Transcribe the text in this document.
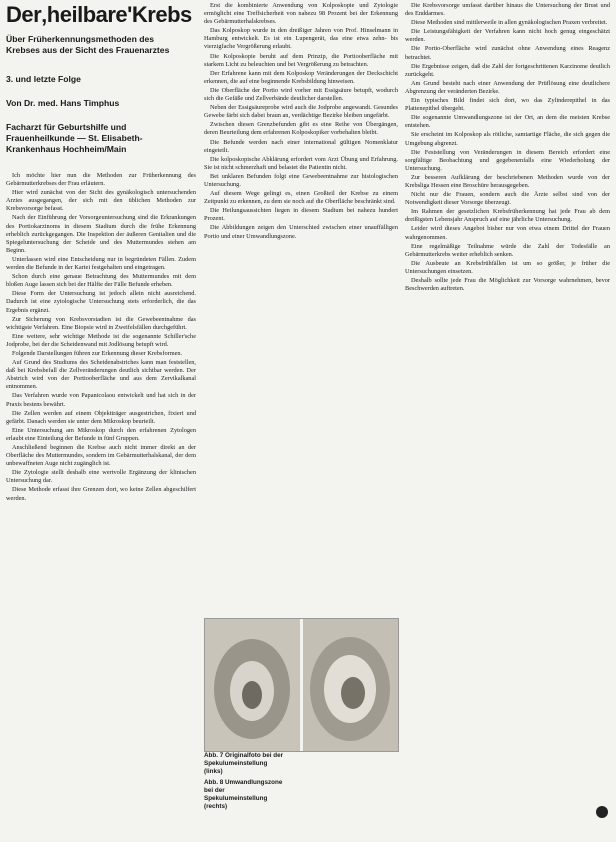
Der‚heilbare'Krebs

Über Früherkennungsmethoden des Krebses aus der Sicht des Frauenarztes

3. und letzte Folge

Von Dr. med. Hans Timphus

Facharzt für Geburtshilfe und Frauenheilkunde — St. Elisabeth-Krankenhaus Hochheim/Main

Ich möchte hier nun die Methoden zur Früherkennung des Gebärmutterkrebses der Frau erläutern.

Hier wird zunächst von der Sicht des gynäkologisch untersuchenden Arztes ausgegangen, der sich mit den üblichen Methoden zur Krebsvorsorge befasst.

Nach der Einführung der Vorsorgeuntersuchung sind die Erkrankungen des Portiokarzinoms in diesem Stadium durch die frühe Erkennung erheblich zurückgegangen. Die Inspektion der äußeren Genitalien und die Spiegeluntersuchung der Scheide und des Muttermundes stehen am Beginn.

Unterlassen wird eine Entscheidung nur in begründeten Fällen. Zudem werden die Befunde in der Kartei festgehalten und eingetragen.

Schon durch eine genaue Betrachtung des Muttermundes mit dem bloßen Auge lassen sich bei der Hälfte der Fälle Befunde erheben.

Diese Form der Untersuchung ist jedoch allein nicht ausreichend. Dadurch ist eine zytologische Untersuchung stets erforderlich, die das Ergebnis ergänzt.

Zur Sicherung von Krebsvorstadien ist die Gewebeentnahme das wichtigste Verfahren. Eine Biopsie wird in Zweifelsfällen durchgeführt.

Eine weitere, sehr wichtige Methode ist die sogenannte Schiller'sche Jodprobe, bei der die Scheidenwand mit Jodlösung betupft wird.

Folgende Darstellungen führen zur Erkennung dieser Krebsformen.

Auf Grund des Studiums des Scheidenabstriches kann man feststellen, daß bei Krebsbefall die Zellveränderungen deutlich sichtbar werden. Der Abstrich wird von der Portiooberfläche und aus dem Zervikalkanal entnommen.

Das Verfahren wurde von Papanicolaou entwickelt und hat sich in der Praxis bestens bewährt.

Die Zellen werden auf einem Objektträger ausgestrichen, fixiert und gefärbt. Danach werden sie unter dem Mikroskop beurteilt.

Eine Untersuchung am Mikroskop durch den erfahrenen Zytologen erlaubt eine Einteilung der Befunde in fünf Gruppen.

Anschließend beginnen die Krebse auch nicht immer direkt an der Oberfläche des Muttermundes, sondern im Gebärmutterhalskanal, der dem unbewaffneten Auge nicht zugänglich ist.

Die Zytologie stellt deshalb eine wertvolle Ergänzung der klinischen Untersuchung dar.

Diese Methode erfasst ihre Grenzen dort, wo keine Zellen abgeschilfert werden.

Erst die kombinierte Anwendung von Kolposkopie und Zytologie ermöglicht eine Treffsicherheit von nahezu 98 Prozent bei der Erkennung des Gebärmutterhalskrebses.

Das Kolposkop wurde in den dreißiger Jahren von Prof. Hinselmann in Hamburg entwickelt. Es ist ein Lupengerät, das eine etwa zehn- bis vierzigfache Vergrößerung erlaubt.

Die Kolposkopie beruht auf dem Prinzip, die Portiooberfläche mit starkem Licht zu beleuchten und bei Vergrößerung zu betrachten.

Der Erfahrene kann mit dem Kolposkop Veränderungen der Deckschicht erkennen, die auf eine beginnende Krebsbildung hinweisen.

Die Oberfläche der Portio wird vorher mit Essigsäure betupft, wodurch sich die Gefäße und Zellverbände deutlicher darstellen.

Neben der Essigsäureprobe wird auch die Jodprobe angewandt. Gesundes Gewebe färbt sich dabei braun an, verdächtige Bezirke bleiben ungefärbt.

Zwischen diesen Grenzbefunden gibt es eine Reihe von Übergängen, deren Beurteilung dem erfahrenen Kolposkopiker vorbehalten bleibt.

Die Befunde werden nach einer international gültigen Nomenklatur eingeteilt.

Die kolposkopische Abklärung erfordert vom Arzt Übung und Erfahrung. Sie ist nicht schmerzhaft und belastet die Patientin nicht.

Bei unklaren Befunden folgt eine Gewebeentnahme zur histologischen Untersuchung.

Auf diesem Wege gelingt es, einen Großteil der Krebse zu einem Zeitpunkt zu erkennen, zu dem sie noch auf die Oberfläche beschränkt sind.

Die Heilungsaussichten liegen in diesem Stadium bei nahezu hundert Prozent.

Die Abbildungen zeigen den Unterschied zwischen einer unauffälligen Portio und einer Umwandlungszone.

Die Krebsvorsorge umfasst darüber hinaus die Untersuchung der Brust und des Enddarmes.

Diese Methoden sind mittlerweile in allen gynäkologischen Praxen verbreitet.

Die Leistungsfähigkeit der Verfahren kann nicht hoch genug eingeschätzt werden.

Die Portio-Oberfläche wird zunächst ohne Anwendung eines Reagenz betrachtet.

Die Ergebnisse zeigen, daß die Zahl der fortgeschrittenen Karzinome deutlich zurückgeht.

Am Grund besteht nach einer Anwendung der Prüflösung eine deutlichere Abgrenzung der veränderten Bezirke.

Ein typisches Bild findet sich dort, wo das Zylinderepithel in das Plattenepithel übergeht.

Die sogenannte Umwandlungszone ist der Ort, an dem die meisten Krebse entstehen.

Sie erscheint im Kolposkop als rötliche, samtartige Fläche, die sich gegen die Umgebung abgrenzt.

Die Feststellung von Veränderungen in diesem Bereich erfordert eine sorgfältige Beobachtung und gegebenenfalls eine Wiederholung der Untersuchung.

Zur besseren Aufklärung der beschriebenen Methoden wurde von der Krebsliga Hessen eine Broschüre herausgegeben.

Nicht nur die Frauen, sondern auch die Ärzte selbst sind von der Notwendigkeit dieser Vorsorge überzeugt.

Im Rahmen der gesetzlichen Krebsfrüherkennung hat jede Frau ab dem dreißigsten Lebensjahr Anspruch auf eine jährliche Untersuchung.

Leider wird dieses Angebot bisher nur von etwa einem Drittel der Frauen wahrgenommen.

Eine regelmäßige Teilnahme würde die Zahl der Todesfälle an Gebärmutterkrebs weiter erheblich senken.

Die Ausbeute an Krebsfrühfällen ist um so größer, je früher die Untersuchungen einsetzen.

Deshalb sollte jede Frau die Möglichkeit zur Vorsorge wahrnehmen, bevor Beschwerden auftreten.

Abb. 7 Originalfoto bei der Spekulumeinstellung (links)

Abb. 8 Umwandlungszone bei der Spekulumeinstellung (rechts)
